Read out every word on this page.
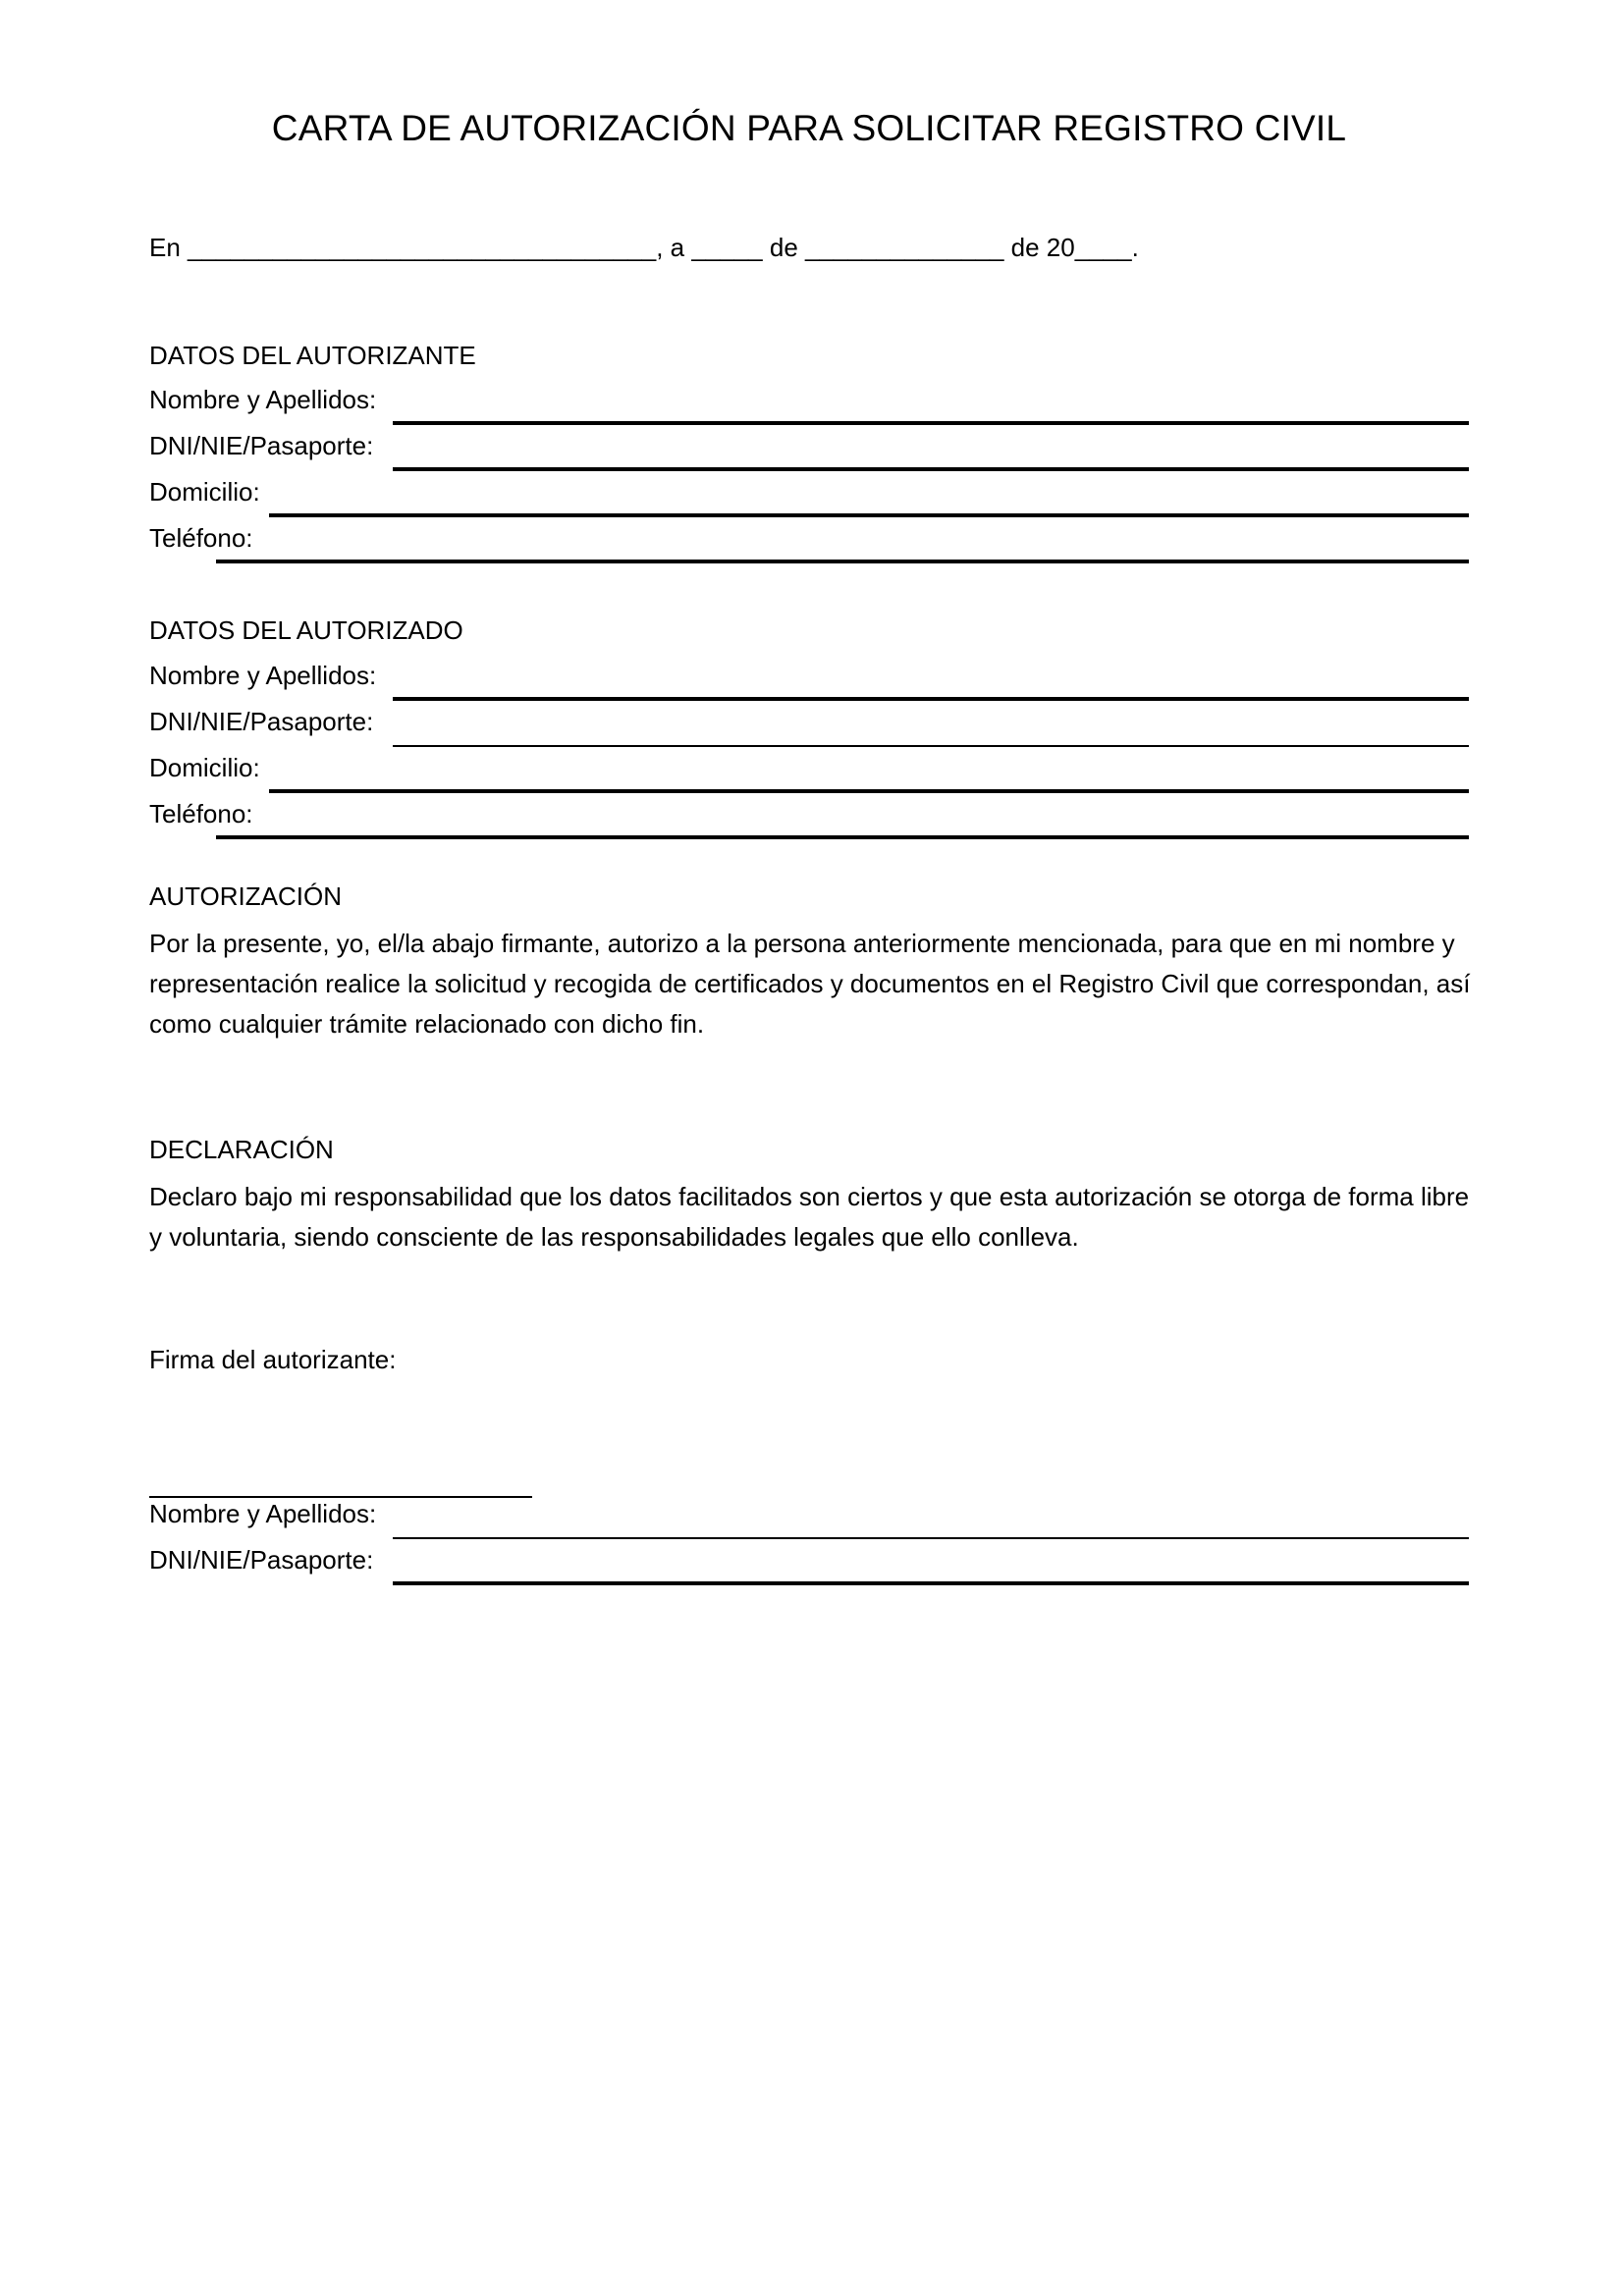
CARTA DE AUTORIZACIÓN PARA SOLICITAR REGISTRO CIVIL
En _________________________________, a _____ de ______________ de 20____.
DATOS DEL AUTORIZANTE
Nombre y Apellidos:
DNI/NIE/Pasaporte:
Domicilio:
Teléfono:
DATOS DEL AUTORIZADO
Nombre y Apellidos:
DNI/NIE/Pasaporte:
Domicilio:
Teléfono:
AUTORIZACIÓN
Por la presente, yo, el/la abajo firmante, autorizo a la persona anteriormente mencionada, para que en mi nombre y representación realice la solicitud y recogida de certificados y documentos en el Registro Civil que correspondan, así como cualquier trámite relacionado con dicho fin.
DECLARACIÓN
Declaro bajo mi responsabilidad que los datos facilitados son ciertos y que esta autorización se otorga de forma libre y voluntaria, siendo consciente de las responsabilidades legales que ello conlleva.
Firma del autorizante:
Nombre y Apellidos:
DNI/NIE/Pasaporte:
